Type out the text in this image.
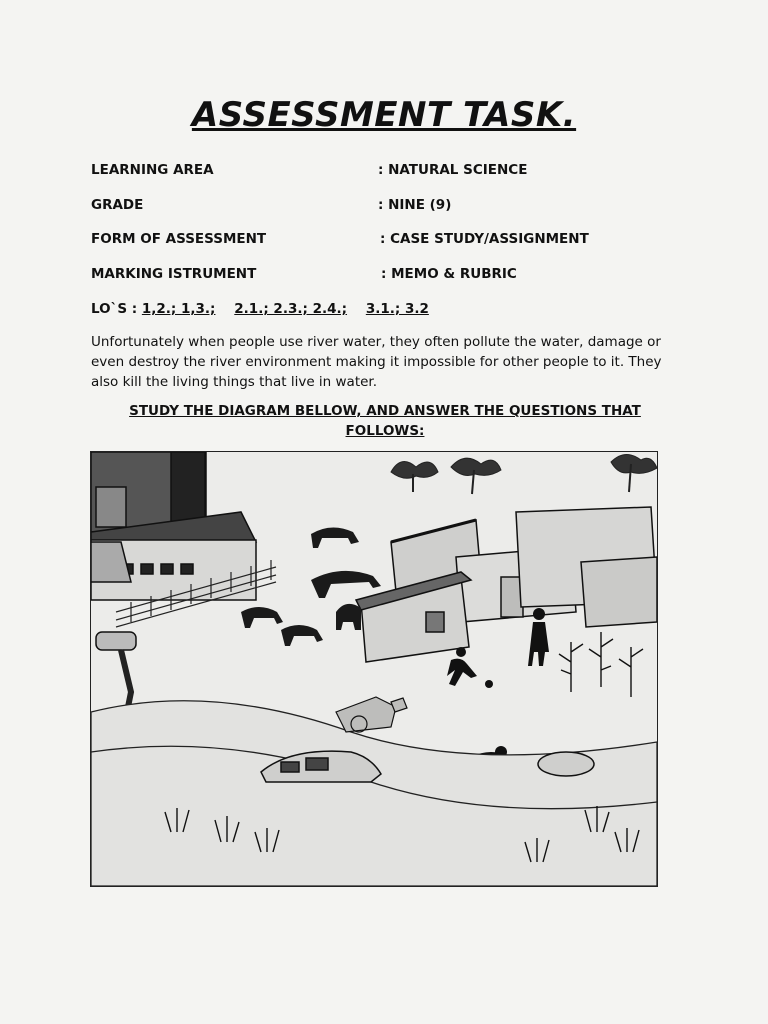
ASSESSMENT TASK.
LEARNING AREA	: NATURAL SCIENCE
GRADE	: NINE (9)
FORM OF ASSESSMENT	: CASE STUDY/ASSIGNMENT
MARKING ISTRUMENT	: MEMO & RUBRIC
LO`S : 1,2.; 1,3.; 2.1.; 2.3.; 2.4.; 3.1.; 3.2
Unfortunately when people use river water, they often pollute the water, damage or even destroy the river environment making it impossible for other people to it. They also kill the living things that live in water.
STUDY THE DIAGRAM BELLOW, AND ANSWER THE QUESTIONS THAT FOLLOWS:
